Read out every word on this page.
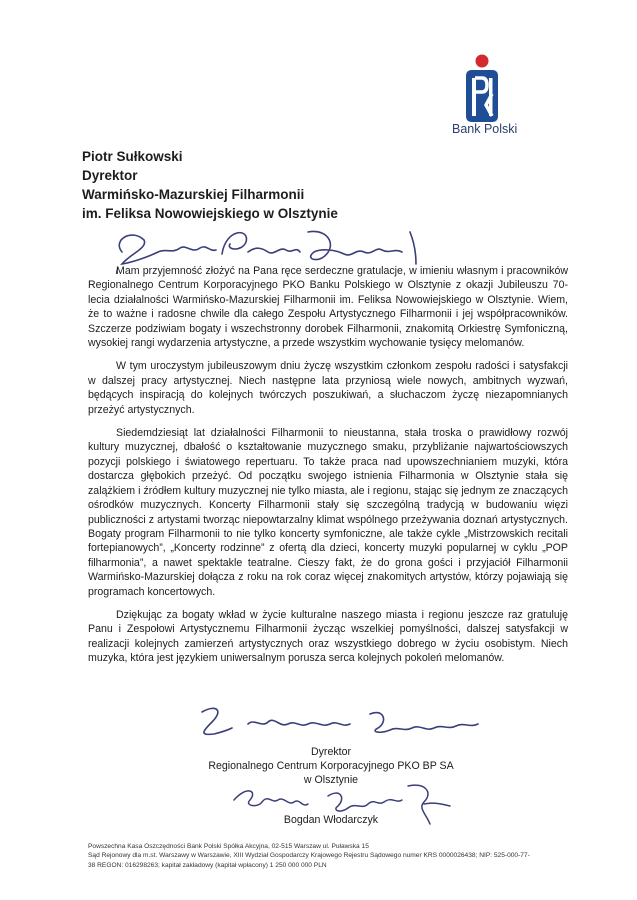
Bank Polski
Piotr Sułkowski
Dyrektor
Warmińsko-Mazurskiej Filharmonii
im. Feliksa Nowowiejskiego w Olsztynie

Mam przyjemność złożyć na Pana ręce serdeczne gratulacje, w imieniu własnym i pracowników Regionalnego Centrum Korporacyjnego PKO Banku Polskiego w Olsztynie z okazji Jubileuszu 70-lecia działalności Warmińsko-Mazurskiej Filharmonii im. Feliksa Nowowiejskiego w Olsztynie. Wiem, że to ważne i radosne chwile dla całego Zespołu Artystycznego Filharmonii i jej współpracowników. Szczerze podziwiam bogaty i wszechstronny dorobek Filharmonii, znakomitą Orkiestrę Symfoniczną, wysokiej rangi wydarzenia artystyczne, a przede wszystkim wychowanie tysięcy melomanów.

W tym uroczystym jubileuszowym dniu życzę wszystkim członkom zespołu radości i satysfakcji w dalszej pracy artystycznej. Niech następne lata przyniosą wiele nowych, ambitnych wyzwań, będących inspiracją do kolejnych twórczych poszukiwań, a słuchaczom życzę niezapomnianych przeżyć artystycznych.

Siedemdziesiąt lat działalności Filharmonii to nieustanna, stała troska o prawidłowy rozwój kultury muzycznej, dbałość o kształtowanie muzycznego smaku, przybliżanie najwartościowszych pozycji polskiego i światowego repertuaru. To także praca nad upowszechnianiem muzyki, która dostarcza głębokich przeżyć. Od początku swojego istnienia Filharmonia w Olsztynie stała się zalążkiem i źródłem kultury muzycznej nie tylko miasta, ale i regionu, stając się jednym ze znaczących ośrodków muzycznych. Koncerty Filharmonii stały się szczególną tradycją w budowaniu więzi publiczności z artystami tworząc niepowtarzalny klimat wspólnego przeżywania doznań artystycznych. Bogaty program Filharmonii to nie tylko koncerty symfoniczne, ale także cykle „Mistrzowskich recitali fortepianowych”, „Koncerty rodzinne” z ofertą dla dzieci, koncerty muzyki popularnej w cyklu „POP filharmonia”, a nawet spektakle teatralne. Cieszy fakt, że do grona gości i przyjaciół Filharmonii Warmińsko-Mazurskiej dołącza z roku na rok coraz więcej znakomitych artystów, którzy pojawiają się programach koncertowych.

Dziękując za bogaty wkład w życie kulturalne naszego miasta i regionu jeszcze raz gratuluję Panu i Zespołowi Artystycznemu Filharmonii życząc wszelkiej pomyślności, dalszej satysfakcji w realizacji kolejnych zamierzeń artystycznych oraz wszystkiego dobrego w życiu osobistym. Niech muzyka, która jest językiem uniwersalnym porusza serca kolejnych pokoleń melomanów.

Dyrektor
Regionalnego Centrum Korporacyjnego PKO BP SA
w Olsztynie
Bogdan Włodarczyk
Powszechna Kasa Oszczędności Bank Polski Spółka Akcyjna, 02-515 Warszaw ul. Puławska 15
Sąd Rejonowy dla m.st. Warszawy w Warszawie, XIII Wydział Gospodarczy Krajowego Rejestru Sądowego numer KRS 0000026438; NIP: 525-000-77-
38 REGON: 016298263; kapitał zakładowy (kapitał wpłacony) 1 250 000 000 PLN
